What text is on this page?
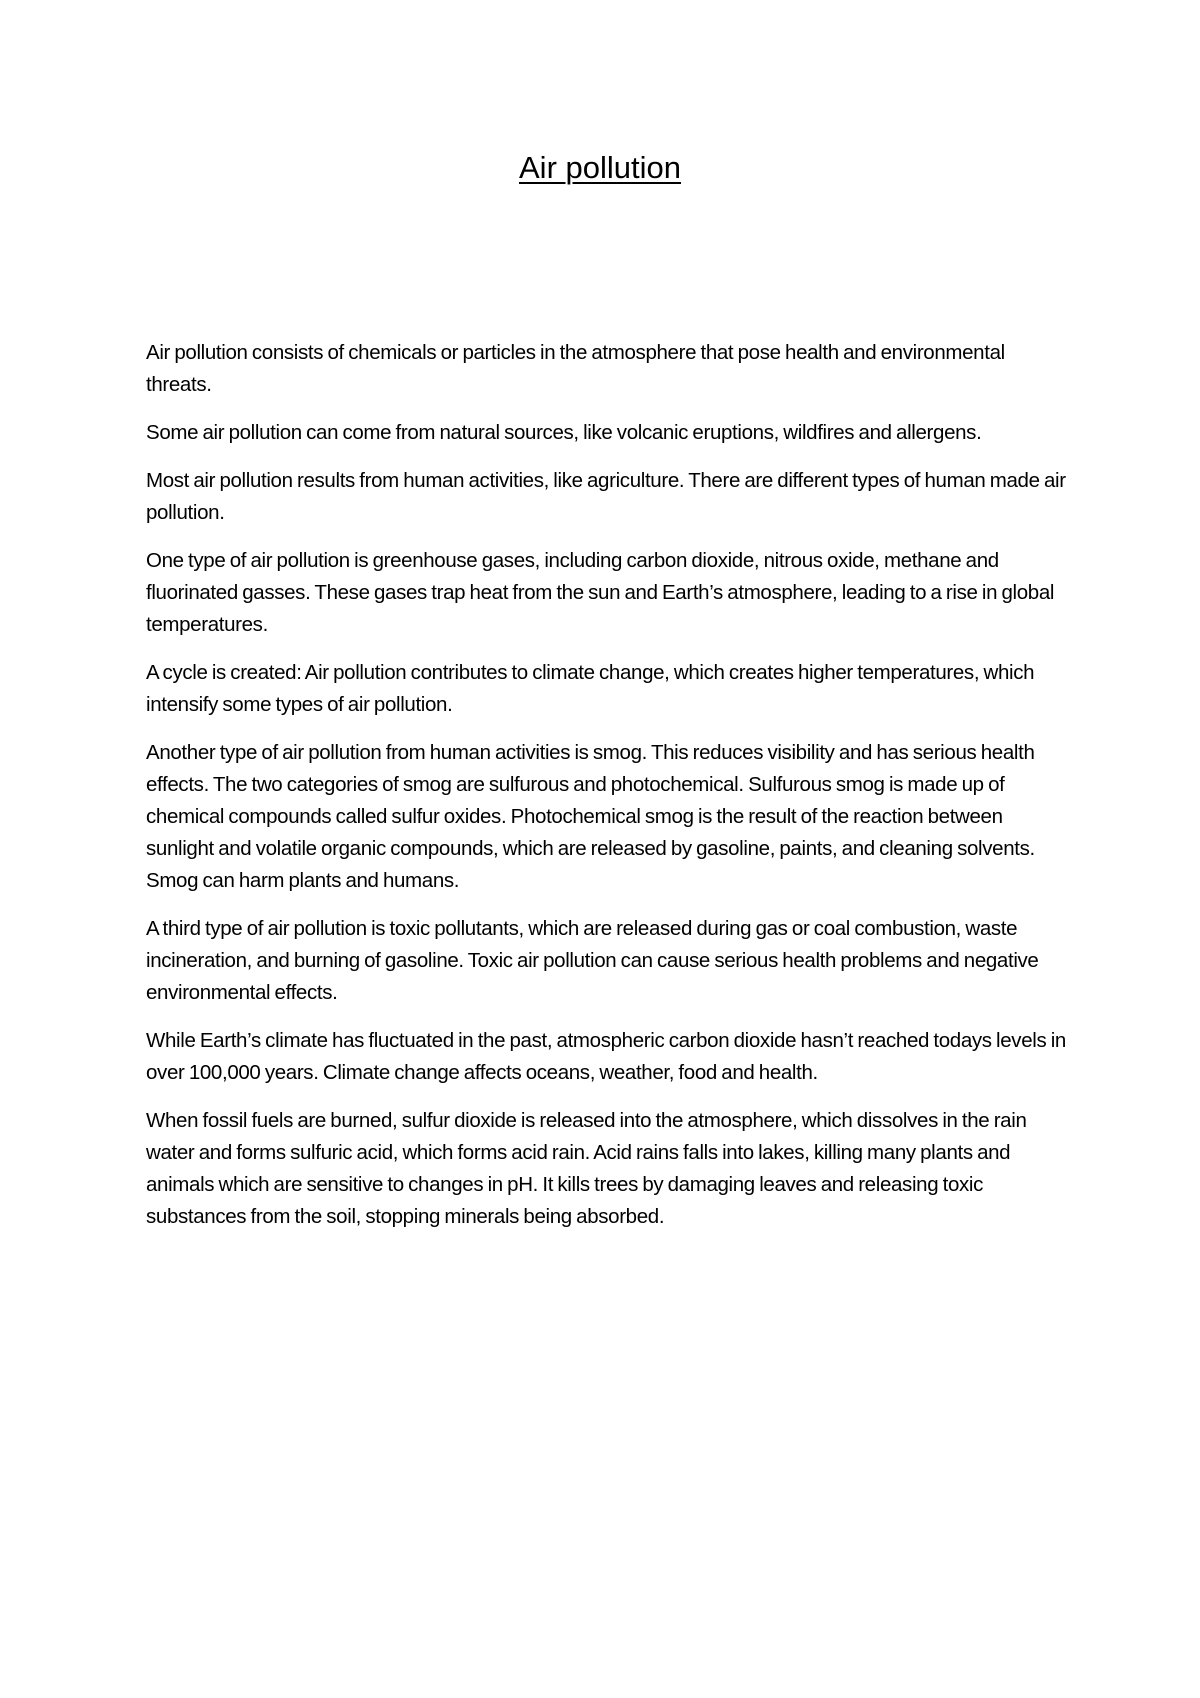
Air pollution

Air pollution consists of chemicals or particles in the atmosphere that pose health and environmental threats.

Some air pollution can come from natural sources, like volcanic eruptions, wildfires and allergens.

Most air pollution results from human activities, like agriculture. There are different types of human made air pollution.

One type of air pollution is greenhouse gases, including carbon dioxide, nitrous oxide, methane and fluorinated gasses. These gases trap heat from the sun and Earth’s atmosphere, leading to a rise in global temperatures.

A cycle is created: Air pollution contributes to climate change, which creates higher temperatures, which intensify some types of air pollution.

Another type of air pollution from human activities is smog. This reduces visibility and has serious health effects. The two categories of smog are sulfurous and photochemical. Sulfurous smog is made up of chemical compounds called sulfur oxides. Photochemical smog is the result of the reaction between sunlight and volatile organic compounds, which are released by gasoline, paints, and cleaning solvents. Smog can harm plants and humans.

A third type of air pollution is toxic pollutants, which are released during gas or coal combustion, waste incineration, and burning of gasoline. Toxic air pollution can cause serious health problems and negative environmental effects.

While Earth’s climate has fluctuated in the past, atmospheric carbon dioxide hasn’t reached todays levels in over 100,000 years. Climate change affects oceans, weather, food and health.

When fossil fuels are burned, sulfur dioxide is released into the atmosphere, which dissolves in the rain water and forms sulfuric acid, which forms acid rain. Acid rains falls into lakes, killing many plants and animals which are sensitive to changes in pH. It kills trees by damaging leaves and releasing toxic substances from the soil, stopping minerals being absorbed.
